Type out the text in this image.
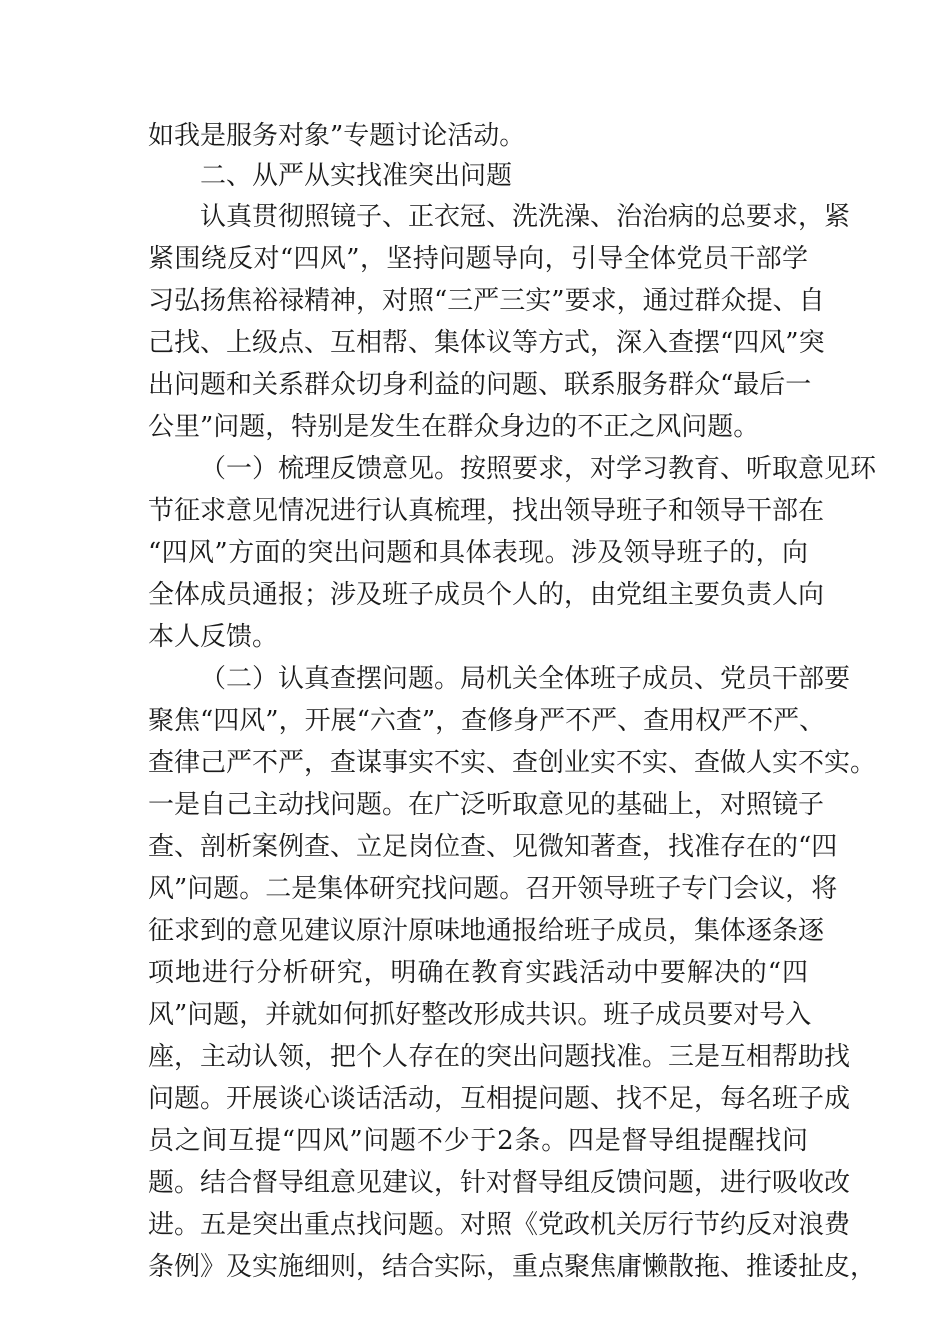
如我是服务对象”专题讨论活动。
二、从严从实找准突出问题
认真贯彻照镜子、正衣冠、洗洗澡、治治病的总要求，紧
紧围绕反对“四风”，坚持问题导向，引导全体党员干部学
习弘扬焦裕禄精神，对照“三严三实”要求，通过群众提、自
己找、上级点、互相帮、集体议等方式，深入查摆“四风”突
出问题和关系群众切身利益的问题、联系服务群众“最后一
公里”问题，特别是发生在群众身边的不正之风问题。
（一）梳理反馈意见。按照要求，对学习教育、听取意见环
节征求意见情况进行认真梳理，找出领导班子和领导干部在
“四风”方面的突出问题和具体表现。涉及领导班子的，向
全体成员通报；涉及班子成员个人的，由党组主要负责人向
本人反馈。
（二）认真查摆问题。局机关全体班子成员、党员干部要
聚焦“四风”，开展“六查”，查修身严不严、查用权严不严、
查律己严不严，查谋事实不实、查创业实不实、查做人实不实。
一是自己主动找问题。在广泛听取意见的基础上，对照镜子
查、剖析案例查、立足岗位查、见微知著查，找准存在的“四
风”问题。二是集体研究找问题。召开领导班子专门会议，将
征求到的意见建议原汁原味地通报给班子成员，集体逐条逐
项地进行分析研究，明确在教育实践活动中要解决的“四
风”问题，并就如何抓好整改形成共识。班子成员要对号入
座，主动认领，把个人存在的突出问题找准。三是互相帮助找
问题。开展谈心谈话活动，互相提问题、找不足，每名班子成
员之间互提“四风”问题不少于2条。四是督导组提醒找问
题。结合督导组意见建议，针对督导组反馈问题，进行吸收改
进。五是突出重点找问题。对照《党政机关厉行节约反对浪费
条例》及实施细则，结合实际，重点聚焦庸懒散拖、推诿扯皮，
